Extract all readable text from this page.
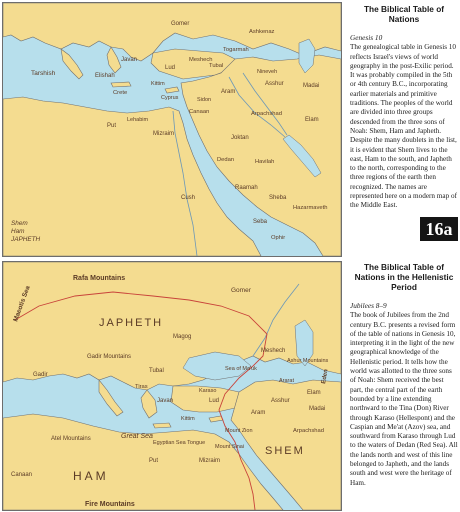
Tarshish	Elishah
Crete
Cyprus
Kittim
Javan
Lud
Meshech
Tubal
Gomer
Togarmah
Ashkenaz
Madai
Elam
Asshur
Aram
Canaan
Sidon
Arpachshad
Put
Lehabim
Mizraim
Joktan
Cush
Raamah
Sheba
Seba
Hazarmaveth
Ophir
Havilah
Dedan
Nineveh
Shem
Ham
JAPHETH
Rafa Mountains
JAPHETH
Maeotis Sea	Gomer
Gadir
Gadir Mountains
Magog
Tubal
Meshech
Javan
Tiras
Kittim
Asshur
Arpachshad
Elam
Madai
Aram
Eden
Lud
Canaan
Atel Mountains	Great Sea
Egyptian Sea Tongue
Mount Zion
Mount Sinai
Put	Mizraim
HAM
SHEM
Fire Mountains
Ashur Mountains
Ararat
Karaso
Sea of Ma'uk
The Biblical Table of Nations
Genesis 10
The genealogical table in Genesis 10 reflects Israel's views of world geography in the post-Exilic period. It was probably compiled in the 5th or 4th century B.C., incorporating earlier materials and primitive traditions. The peoples of the world are divided into three groups descended from the three sons of Noah: Shem, Ham and Japheth. Despite the many doublets in the list, it is evident that Shem lives to the east, Ham to the south, and Japheth to the north, corresponding to the three regions of the earth then recognized. The names are represented here on a modern map of the Middle East.
16a
The Biblical Table of Nations in the Hellenistic Period
Jubilees 8–9
The book of Jubilees from the 2nd century B.C. presents a revised form of the table of nations in Genesis 10, interpreting it in the light of the new geographical knowledge of the Hellenistic period. It tells how the world was allotted to the three sons of Noah: Shem received the best part, the central part of the earth bounded by a line extending northward to the Tina (Don) River through Karaso (Hellespont) and the Caspian and Me'at (Azov) sea, and southward from Karaso through Lud to the waters of Dedan (Red Sea). All the lands north and west of this line belonged to Japheth, and the lands south and west were the heritage of Ham.
